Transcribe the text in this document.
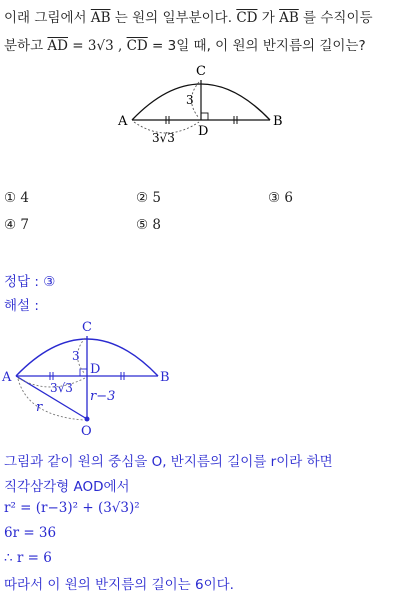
이래 그림에서 $\overline{AB}$ 는 원의 일부분이다. $\overline{CD}$ 가 $\overline{AB}$ 를 수직이등
분하고 $\overline{AD} = 3√3$ , $\overline{CD} = 3$일 때, 이 원의 반지름의 길이는?
C
A	B
D
3
3√3
① 4	② 5	③ 6
④ 7	⑤ 8
정답 : ③
해설 :
C
A	B
D
O
3
3√3
r
r−3
그림과 같이 원의 중심을 O, 반지름의 길이를 r이라 하면
직각삼각형 AOD에서
r² = (r−3)² + (3√3)²
6r = 36
∴ r = 6
따라서 이 원의 반지름의 길이는 6이다.
